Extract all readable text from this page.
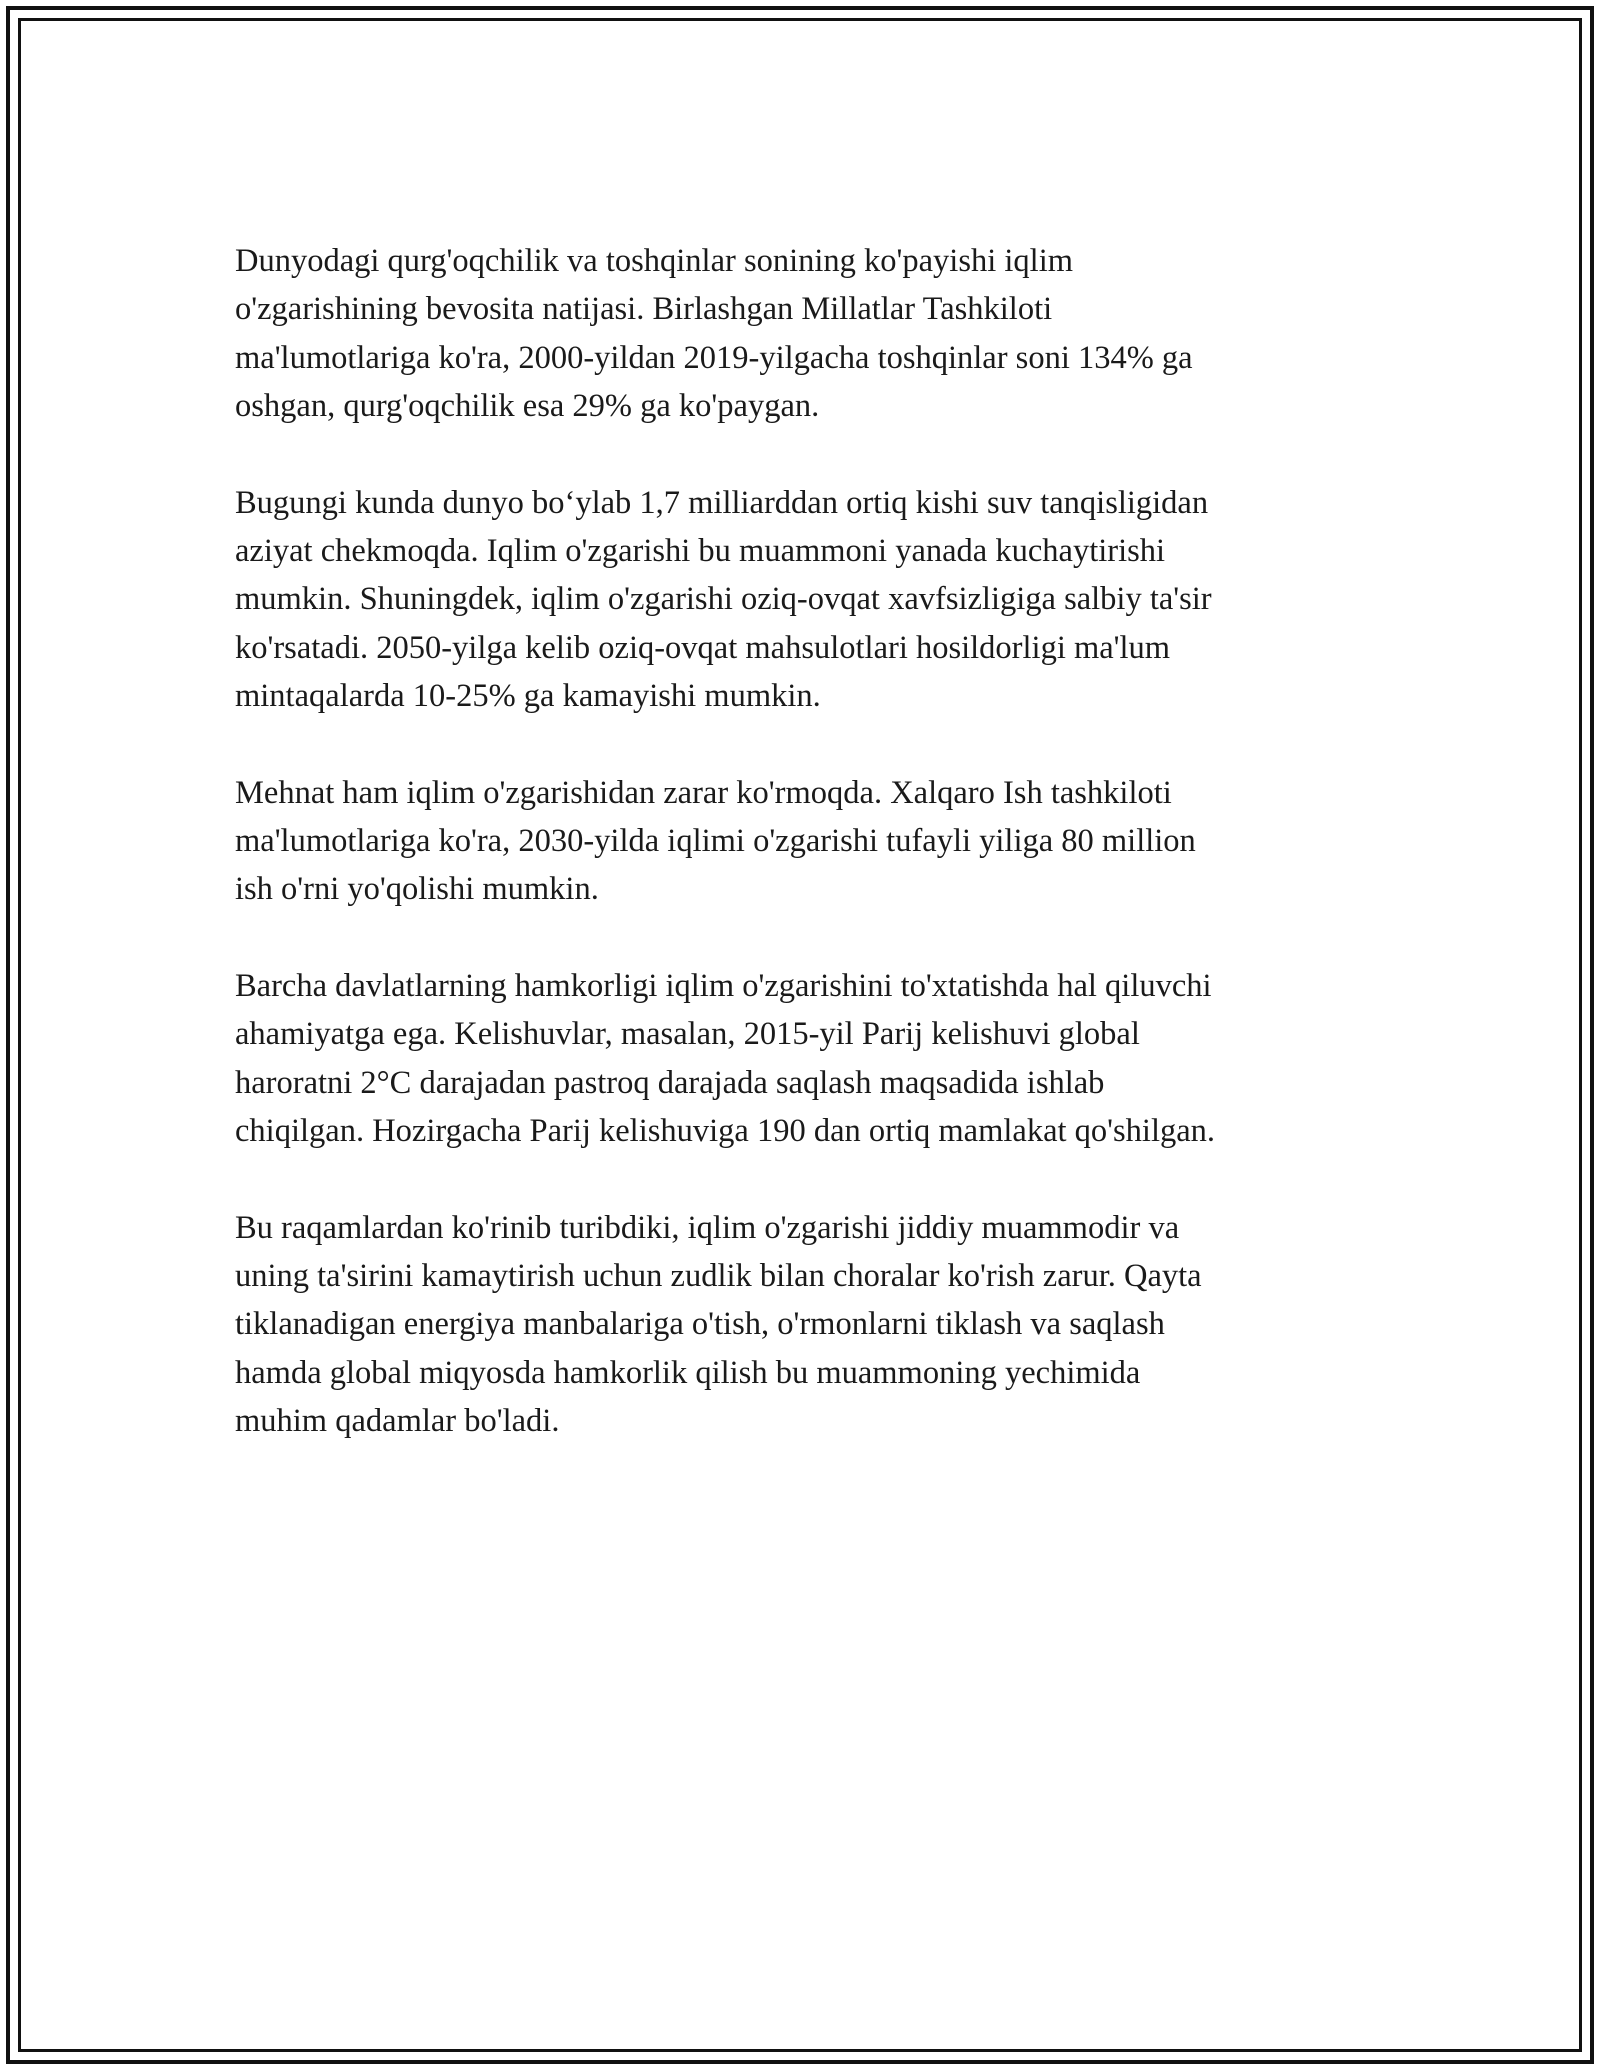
Dunyodagi qurg'oqchilik va toshqinlar sonining ko'payishi iqlim
o'zgarishining bevosita natijasi. Birlashgan Millatlar Tashkiloti
ma'lumotlariga ko'ra, 2000-yildan 2019-yilgacha toshqinlar soni 134% ga
oshgan, qurg'oqchilik esa 29% ga ko'paygan.

Bugungi kunda dunyo bo‘ylab 1,7 milliarddan ortiq kishi suv tanqisligidan
aziyat chekmoqda. Iqlim o'zgarishi bu muammoni yanada kuchaytirishi
mumkin. Shuningdek, iqlim o'zgarishi oziq-ovqat xavfsizligiga salbiy ta'sir
ko'rsatadi. 2050-yilga kelib oziq-ovqat mahsulotlari hosildorligi ma'lum
mintaqalarda 10-25% ga kamayishi mumkin.

Mehnat ham iqlim o'zgarishidan zarar ko'rmoqda. Xalqaro Ish tashkiloti
ma'lumotlariga ko'ra, 2030-yilda iqlimi o'zgarishi tufayli yiliga 80 million
ish o'rni yo'qolishi mumkin.

Barcha davlatlarning hamkorligi iqlim o'zgarishini to'xtatishda hal qiluvchi
ahamiyatga ega. Kelishuvlar, masalan, 2015-yil Parij kelishuvi global
haroratni 2°C darajadan pastroq darajada saqlash maqsadida ishlab
chiqilgan. Hozirgacha Parij kelishuviga 190 dan ortiq mamlakat qo'shilgan.

Bu raqamlardan ko'rinib turibdiki, iqlim o'zgarishi jiddiy muammodir va
uning ta'sirini kamaytirish uchun zudlik bilan choralar ko'rish zarur. Qayta
tiklanadigan energiya manbalariga o'tish, o'rmonlarni tiklash va saqlash
hamda global miqyosda hamkorlik qilish bu muammoning yechimida
muhim qadamlar bo'ladi.
